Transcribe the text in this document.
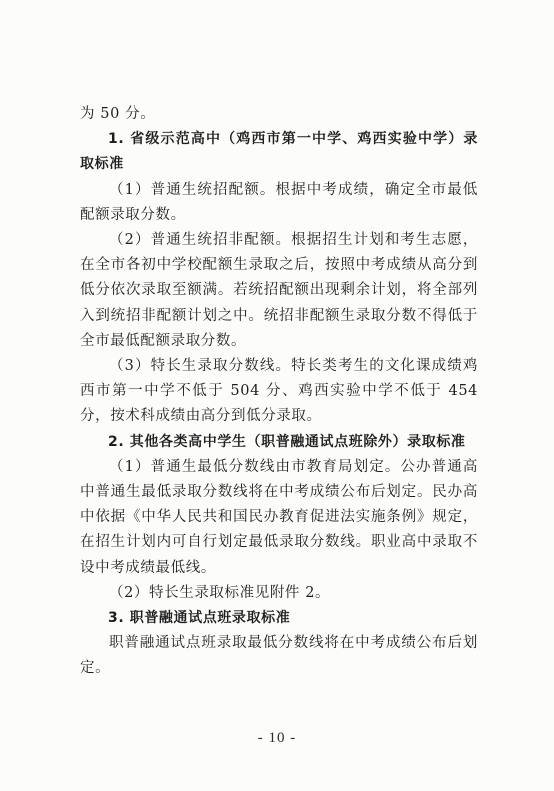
为 50 分。

1. 省级示范高中（鸡西市第一中学、鸡西实验中学）录取标准

（1）普通生统招配额。根据中考成绩，确定全市最低配额录取分数。

（2）普通生统招非配额。根据招生计划和考生志愿，在全市各初中学校配额生录取之后，按照中考成绩从高分到低分依次录取至额满。若统招配额出现剩余计划，将全部列入到统招非配额计划之中。统招非配额生录取分数不得低于全市最低配额录取分数。

（3）特长生录取分数线。特长类考生的文化课成绩鸡西市第一中学不低于 504 分、鸡西实验中学不低于 454 分，按术科成绩由高分到低分录取。

2. 其他各类高中学生（职普融通试点班除外）录取标准

（1）普通生最低分数线由市教育局划定。公办普通高中普通生最低录取分数线将在中考成绩公布后划定。民办高中依据《中华人民共和国民办教育促进法实施条例》规定，在招生计划内可自行划定最低录取分数线。职业高中录取不设中考成绩最低线。

（2）特长生录取标准见附件 2。

3. 职普融通试点班录取标准

职普融通试点班录取最低分数线将在中考成绩公布后划定。

- 10 -
